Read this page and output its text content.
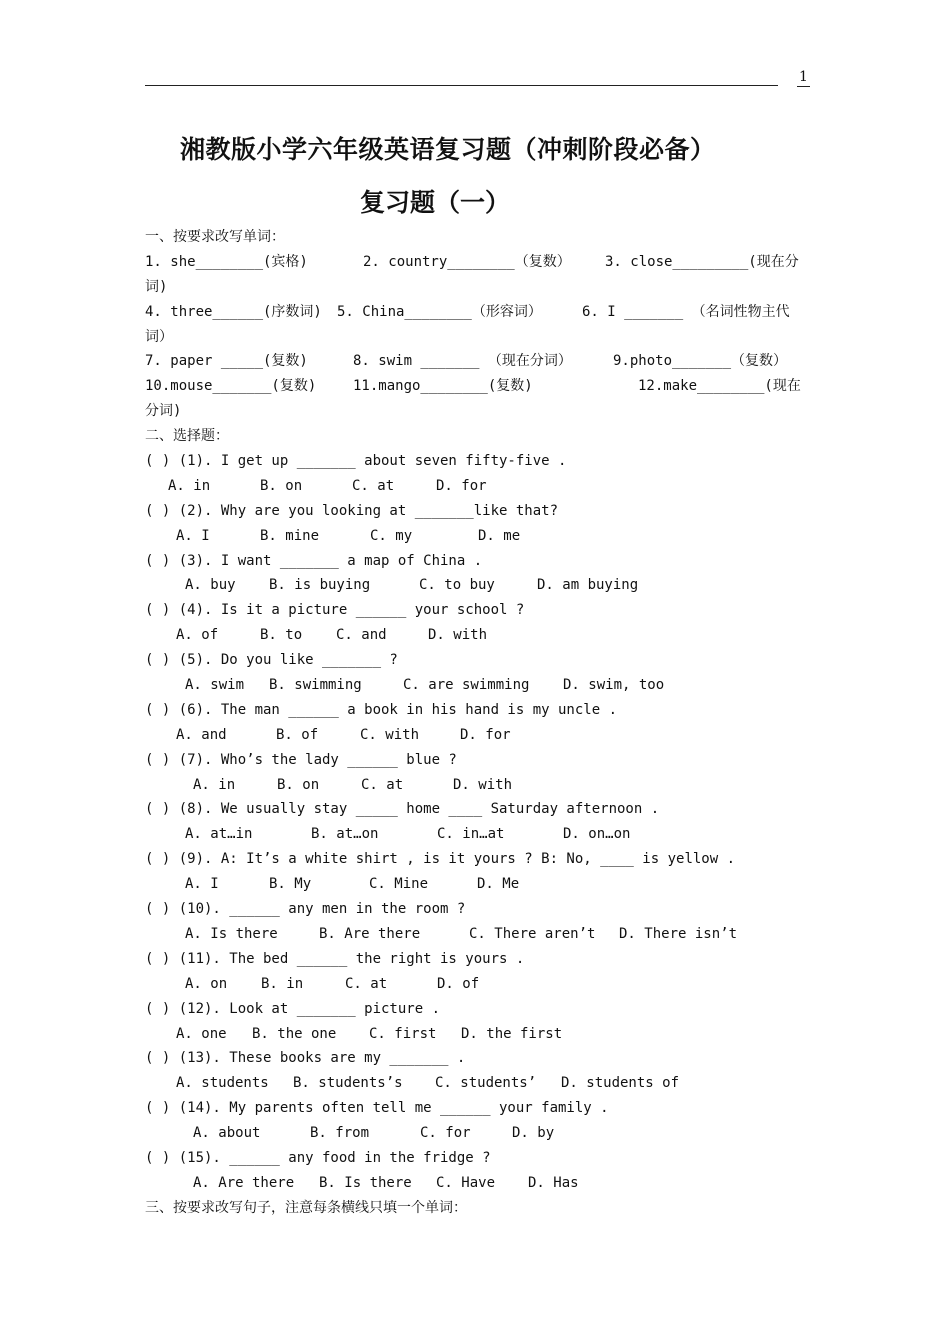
1
湘教版小学六年级英语复习题（冲刺阶段必备）
复习题（一）
一、按要求改写单词：
1. she________(宾格)	2. country________（复数）	3. close_________(现在分
词)
4. three______(序数词)	5. China________（形容词）	6. I _______ （名词性物主代
词）
7. paper _____(复数)	8. swim _______ （现在分词）	9.photo_______（复数）
10.mouse_______(复数)	11.mango________(复数)	12.make________(现在
分词)
二、选择题：
( ) (1). I get up _______ about seven fifty-five .
A. in	B. on	C. at	D. for
( ) (2). Why are you looking at _______like that?
A. I	B. mine	C. my	D. me
( ) (3). I want _______ a map of China .
A. buy	B. is buying	C. to buy	D. am buying
( ) (4). Is it a picture ______ your school ?
A. of	B. to	C. and	D. with
( ) (5). Do you like _______ ?
A. swim	B. swimming	C. are swimming	D. swim, too
( ) (6). The man ______ a book in his hand is my uncle .
A. and	B. of	C. with	D. for
( ) (7). Who’s the lady ______ blue ?
A. in	B. on	C. at	D. with
( ) (8). We usually stay _____ home ____ Saturday afternoon .
A. at…in	B. at…on	C. in…at	D. on…on
( ) (9). A: It’s a white shirt , is it yours ? B: No, ____ is yellow .
A. I	B. My	C. Mine	D. Me
( ) (10). ______ any men in the room ?
A. Is there	B. Are there	C. There aren’t	D. There isn’t
( ) (11). The bed ______ the right is yours .
A. on	B. in	C. at	D. of
( ) (12). Look at _______ picture .
A. one	B. the one	C. first	D. the first
( ) (13). These books are my _______ .
A. students	B. students’s	C. students’	D. students of
( ) (14). My parents often tell me ______ your family .
A. about	B. from	C. for	D. by
( ) (15). ______ any food in the fridge ?
A. Are there	B. Is there	C. Have	D. Has
三、按要求改写句子，注意每条横线只填一个单词：
